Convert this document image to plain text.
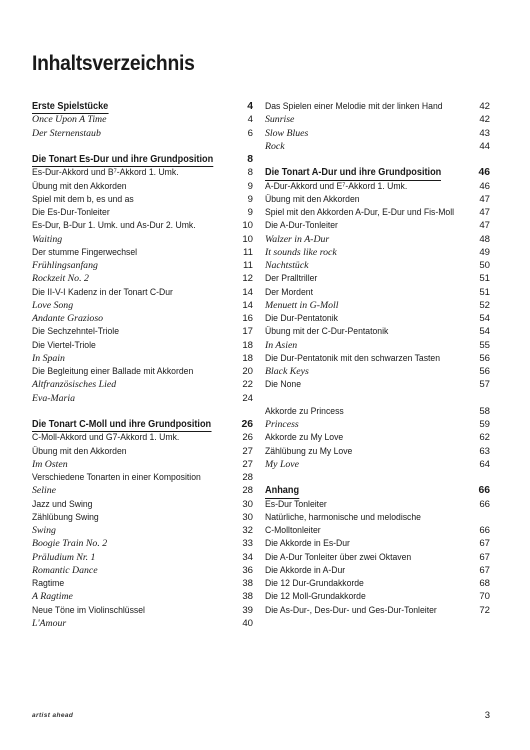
Inhaltsverzeichnis
Erste Spielstücke	4
Once Upon A Time	4
Der Sternenstaub	6
Die Tonart Es-Dur und ihre Grundposition	8
Es-Dur-Akkord und B⁷-Akkord 1. Umk.	8
Übung mit den Akkorden	9
Spiel mit dem b, es und as	9
Die Es-Dur-Tonleiter	9
Es-Dur, B-Dur 1. Umk. und As-Dur 2. Umk.	10
Waiting	10
Der stumme Fingerwechsel	11
Frühlingsanfang	11
Rockzeit No. 2	12
Die II-V-I Kadenz in der Tonart C-Dur	14
Love Song	14
Andante Grazioso	16
Die Sechzehntel-Triole	17
Die Viertel-Triole	18
In Spain	18
Die Begleitung einer Ballade mit Akkorden	20
Altfranzösisches Lied	22
Eva-Maria	24
Die Tonart C-Moll und ihre Grundposition	26
C-Moll-Akkord und G7-Akkord 1. Umk.	26
Übung mit den Akkorden	27
Im Osten	27
Verschiedene Tonarten in einer Komposition	28
Seline	28
Jazz und Swing	30
Zählübung Swing	30
Swing	32
Boogie Train No. 2	33
Präludium Nr. 1	34
Romantic Dance	36
Ragtime	38
A Ragtime	38
Neue Töne im Violinschlüssel	39
L'Amour	40
Das Spielen einer Melodie mit der linken Hand	42
Sunrise	42
Slow Blues	43
Rock	44
Die Tonart A-Dur und ihre Grundposition	46
A-Dur-Akkord und E⁷-Akkord 1. Umk.	46
Übung mit den Akkorden	47
Spiel mit den Akkorden A-Dur, E-Dur und Fis-Moll	47
Die A-Dur-Tonleiter	47
Walzer in A-Dur	48
It sounds like rock	49
Nachtstück	50
Der Pralltriller	51
Der Mordent	51
Menuett in G-Moll	52
Die Dur-Pentatonik	54
Übung mit der C-Dur-Pentatonik	54
In Asien	55
Die Dur-Pentatonik mit den schwarzen Tasten	56
Black Keys	56
Die None	57
Akkorde zu Princess	58
Princess	59
Akkorde zu My Love	62
Zählübung zu My Love	63
My Love	64
Anhang	66
Es-Dur Tonleiter	66
Natürliche, harmonische und melodische
C-Molltonleiter	66
Die Akkorde in Es-Dur	67
Die A-Dur Tonleiter über zwei Oktaven	67
Die Akkorde in A-Dur	67
Die 12 Dur-Grundakkorde	68
Die 12 Moll-Grundakkorde	70
Die As-Dur-, Des-Dur- und Ges-Dur-Tonleiter	72
artist ahead	3
